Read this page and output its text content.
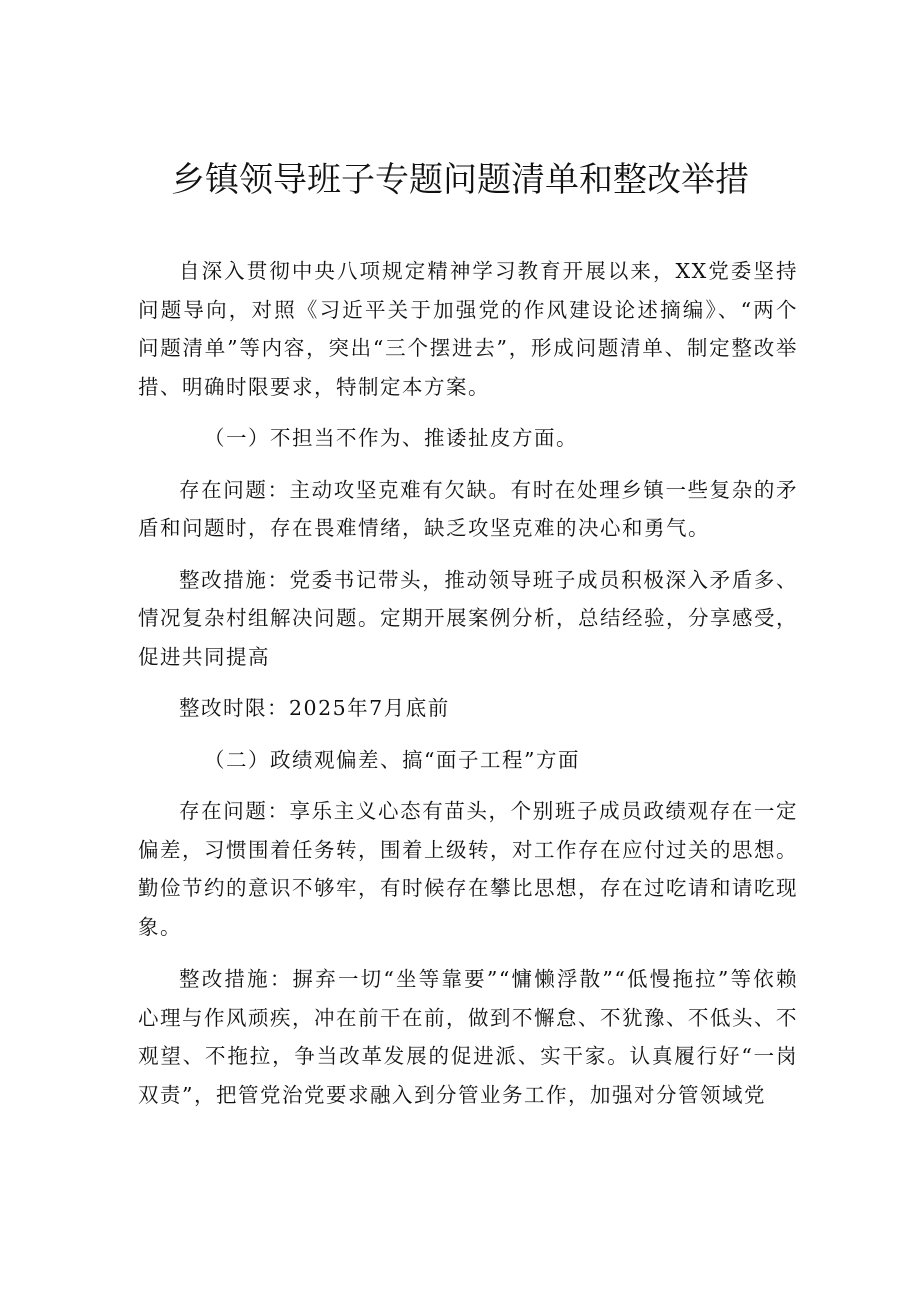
乡镇领导班子专题问题清单和整改举措

自深入贯彻中央八项规定精神学习教育开展以来，XX党委坚持问题导向，对照《习近平关于加强党的作风建设论述摘编》、“两个问题清单”等内容，突出“三个摆进去”，形成问题清单、制定整改举措、明确时限要求，特制定本方案。

（一）不担当不作为、推诿扯皮方面。

存在问题：主动攻坚克难有欠缺。有时在处理乡镇一些复杂的矛盾和问题时，存在畏难情绪，缺乏攻坚克难的决心和勇气。

整改措施：党委书记带头，推动领导班子成员积极深入矛盾多、情况复杂村组解决问题。定期开展案例分析，总结经验，分享感受，促进共同提高

整改时限：2025年7月底前

（二）政绩观偏差、搞“面子工程”方面

存在问题：享乐主义心态有苗头，个别班子成员政绩观存在一定偏差，习惯围着任务转，围着上级转，对工作存在应付过关的思想。勤俭节约的意识不够牢，有时候存在攀比思想，存在过吃请和请吃现象。

整改措施：摒弃一切“坐等靠要”“慵懒浮散”“低慢拖拉”等依赖心理与作风顽疾，冲在前干在前，做到不懈怠、不犹豫、不低头、不观望、不拖拉，争当改革发展的促进派、实干家。认真履行好“一岗双责”，把管党治党要求融入到分管业务工作，加强对分管领域党
